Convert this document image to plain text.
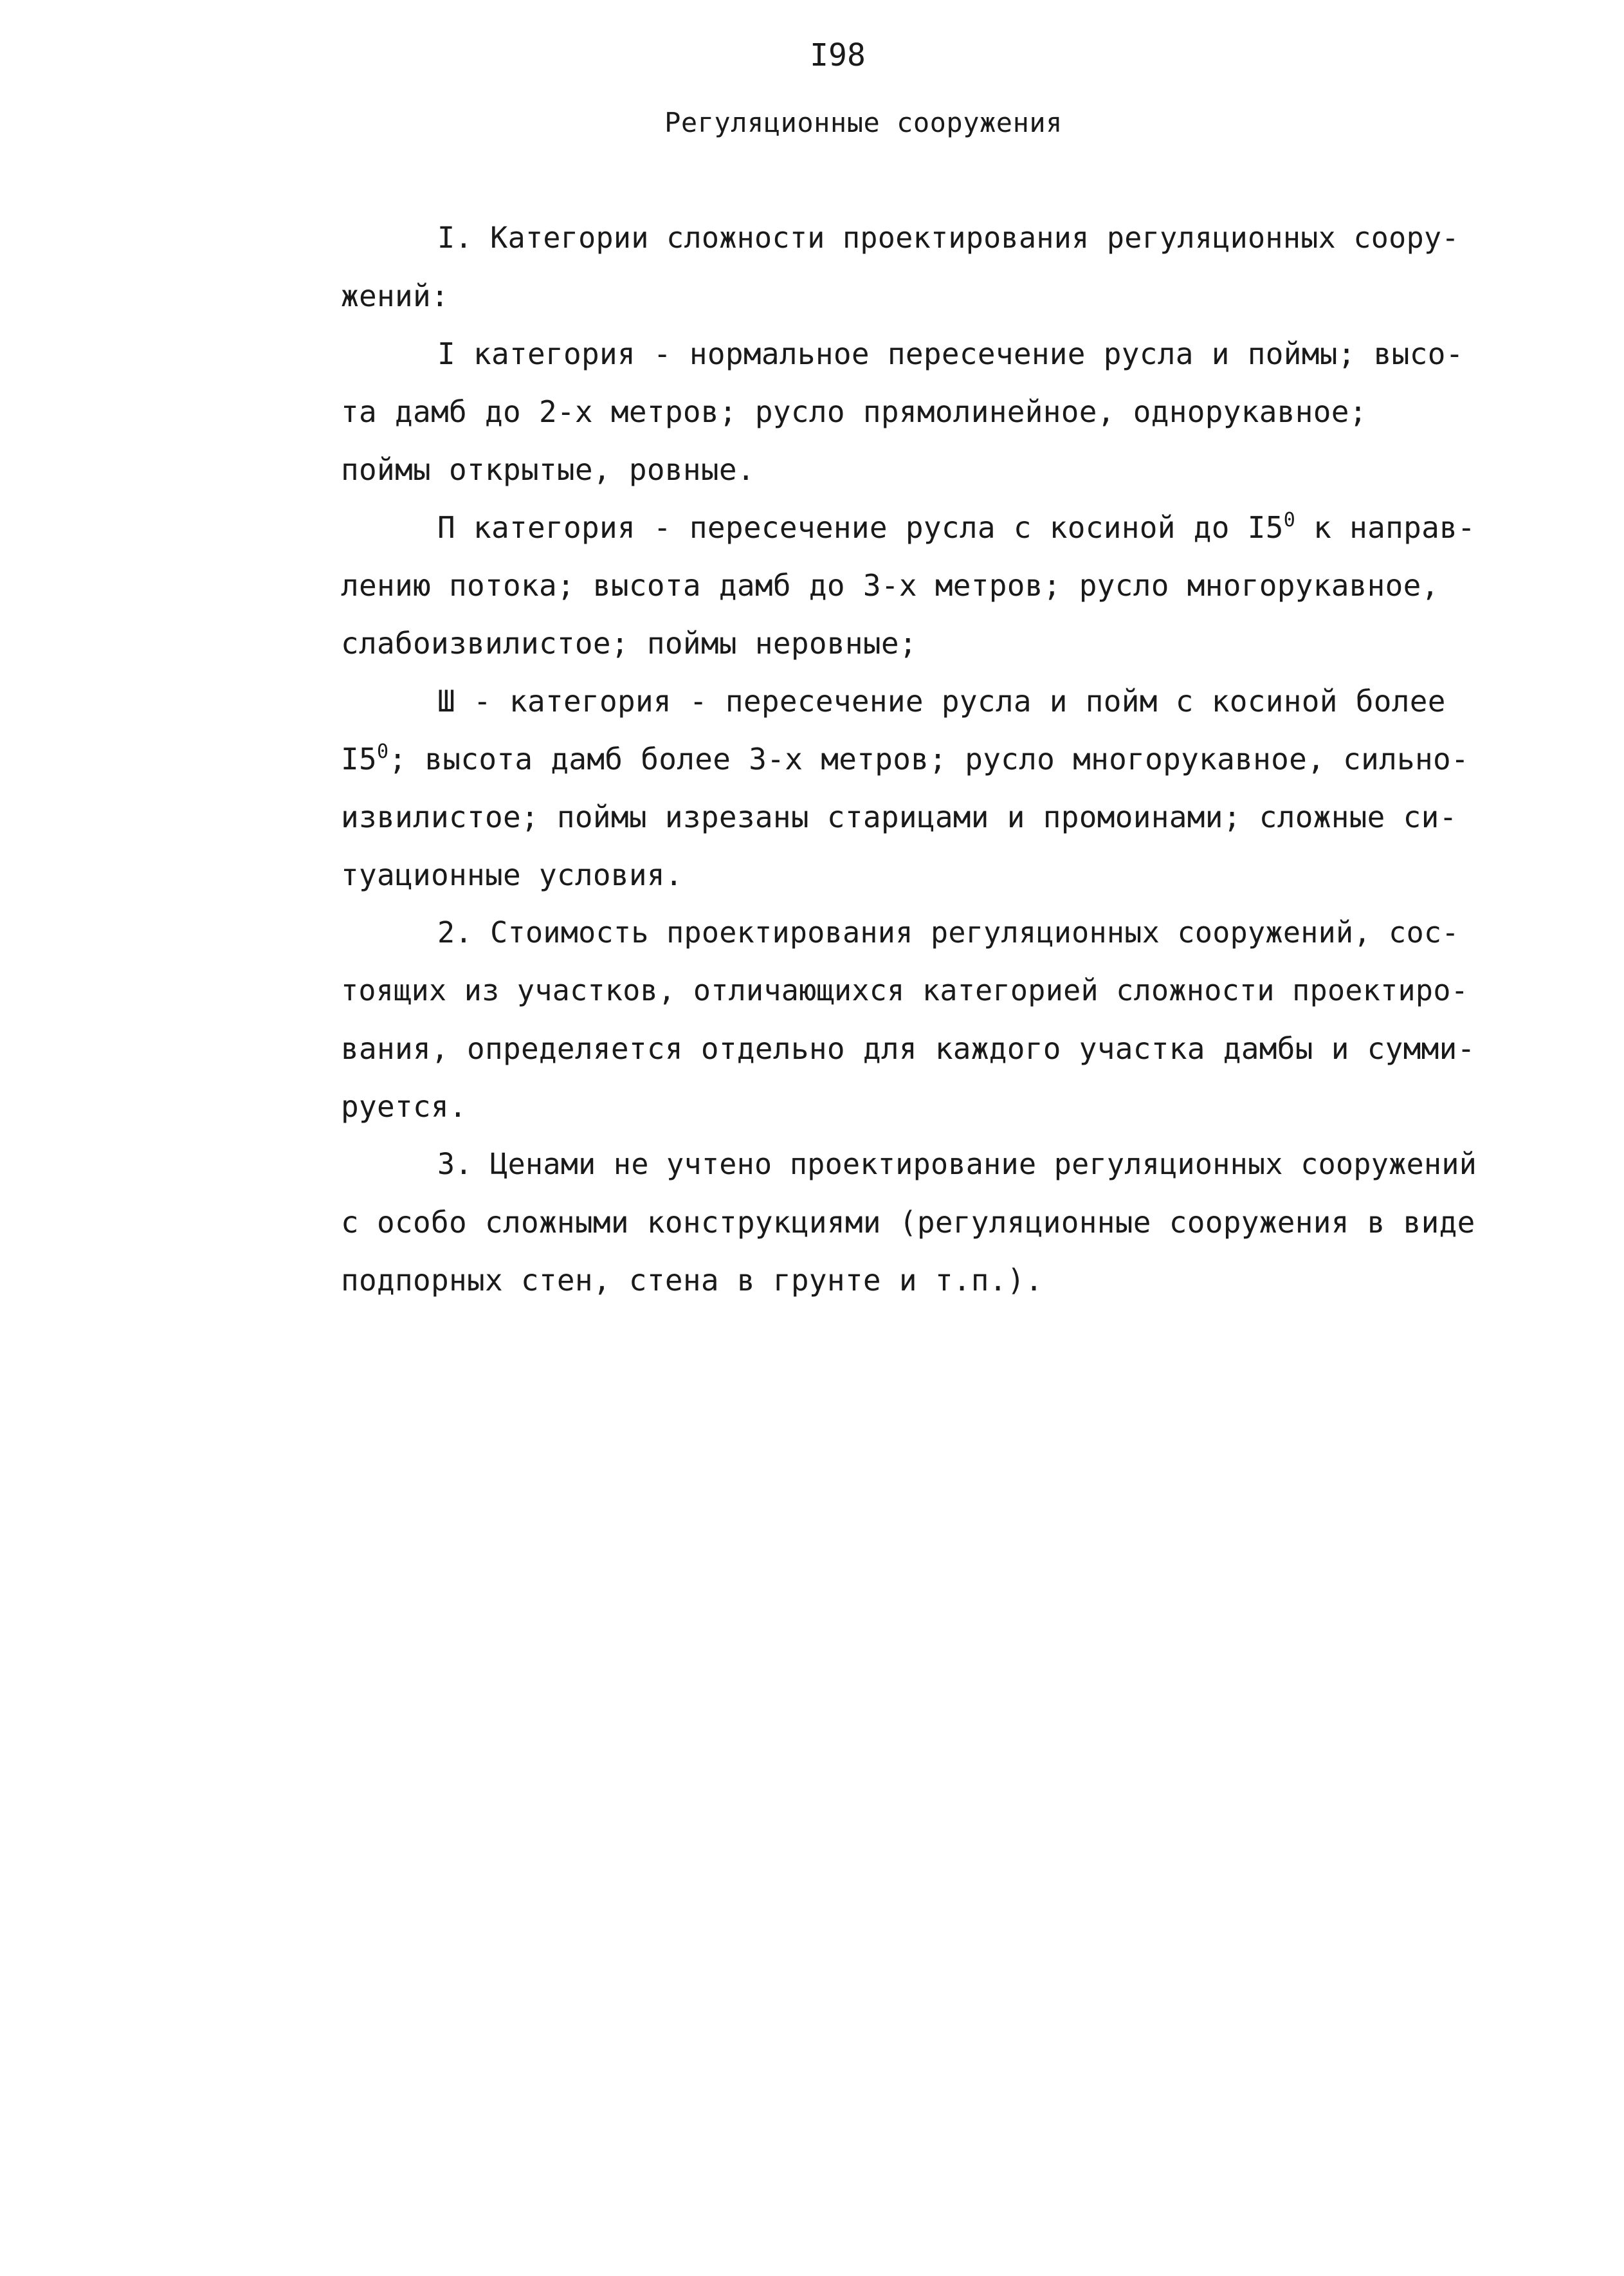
I98
Регуляционные сооружения
I. Категории сложности проектирования регуляционных соору-
жений:
I категория - нормальное пересечение русла и поймы; высо-
та дамб до 2-х метров; русло прямолинейное, однорукавное;
поймы открытые, ровные.
П категория - пересечение русла с косиной до $I5^0$ к направ-
лению потока; высота дамб до 3-х метров; русло многорукавное,
слабоизвилистое; поймы неровные;
Ш - категория - пересечение русла и пойм с косиной более
$I5^0$; высота дамб более 3-х метров; русло многорукавное, сильно-
извилистое; поймы изрезаны старицами и промоинами; сложные си-
туационные условия.
2. Стоимость проектирования регуляционных сооружений, сос-
тоящих из участков, отличающихся категорией сложности проектиро-
вания, определяется отдельно для каждого участка дамбы и сумми-
руется.
3. Ценами не учтено проектирование регуляционных сооружений
с особо сложными конструкциями (регуляционные сооружения в виде
подпорных стен, стена в грунте и т.п.).
